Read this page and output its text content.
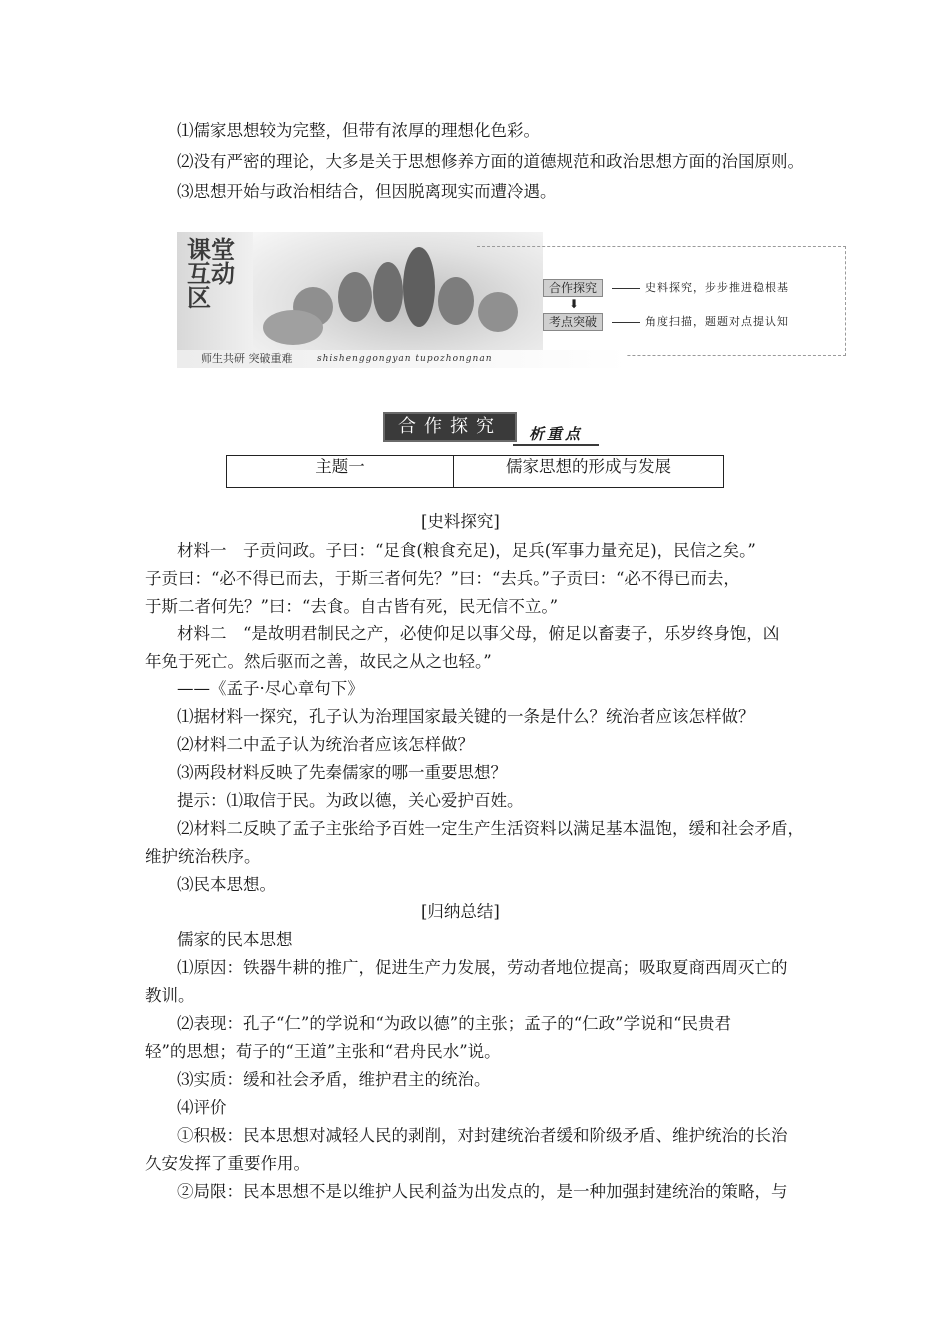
⑴儒家思想较为完整，但带有浓厚的理想化色彩。
⑵没有严密的理论，大多是关于思想修养方面的道德规范和政治思想方面的治国原则。
⑶思想开始与政治相结合，但因脱离现实而遭冷遇。
课堂互动区	合作探究	史料探究，步步推进稳根基
⬇
考点突破	角度扫描，题题对点提认知
师生共研 突破重难	shishenggongyan tupozhongnan
合作探究	析重点
主题一	儒家思想的形成与发展
[史料探究]
材料一　子贡问政。子曰：“足食(粮食充足)，足兵(军事力量充足)，民信之矣。”
子贡曰：“必不得已而去，于斯三者何先？”曰：“去兵。”子贡曰：“必不得已而去，
于斯二者何先？”曰：“去食。自古皆有死，民无信不立。”
材料二　“是故明君制民之产，必使仰足以事父母，俯足以畜妻子，乐岁终身饱，凶
年免于死亡。然后驱而之善，故民之从之也轻。”
——《孟子·尽心章句下》
⑴据材料一探究，孔子认为治理国家最关键的一条是什么？统治者应该怎样做？
⑵材料二中孟子认为统治者应该怎样做？
⑶两段材料反映了先秦儒家的哪一重要思想？
提示：⑴取信于民。为政以德，关心爱护百姓。
⑵材料二反映了孟子主张给予百姓一定生产生活资料以满足基本温饱，缓和社会矛盾，
维护统治秩序。
⑶民本思想。
[归纳总结]
儒家的民本思想
⑴原因：铁器牛耕的推广，促进生产力发展，劳动者地位提高；吸取夏商西周灭亡的
教训。
⑵表现：孔子“仁”的学说和“为政以德”的主张；孟子的“仁政”学说和“民贵君
轻”的思想；荀子的“王道”主张和“君舟民水”说。
⑶实质：缓和社会矛盾，维护君主的统治。
⑷评价
①积极：民本思想对减轻人民的剥削，对封建统治者缓和阶级矛盾、维护统治的长治
久安发挥了重要作用。
②局限：民本思想不是以维护人民利益为出发点的，是一种加强封建统治的策略，与
